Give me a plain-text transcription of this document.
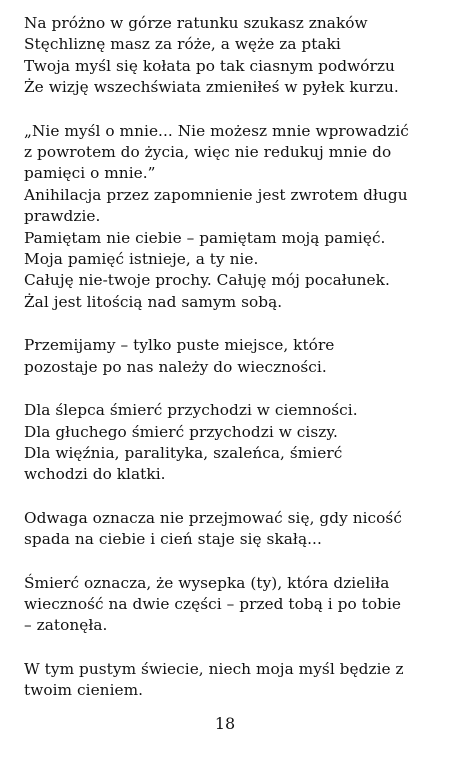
Na próżno w górze ratunku szukasz znaków
Stęchliznę masz za róże, a węże za ptaki
Twoja myśl się kołata po tak ciasnym podwórzu
Że wizję wszechświata zmieniłeś w pyłek kurzu.
„Nie myśl o mnie... Nie możesz mnie wprowadzić
z powrotem do życia, więc nie redukuj mnie do
pamięci o mnie.”
Anihilacja przez zapomnienie jest zwrotem długu
prawdzie.
Pamiętam nie ciebie – pamiętam moją pamięć.
Moja pamięć istnieje, a ty nie.
Całuję nie-twoje prochy. Całuję mój pocałunek.
Żal jest litością nad samym sobą.
Przemijamy – tylko puste miejsce, które
pozostaje po nas należy do wieczności.
Dla ślepca śmierć przychodzi w ciemności.
Dla głuchego śmierć przychodzi w ciszy.
Dla więźnia, paralityka, szaleńca, śmierć
wchodzi do klatki.
Odwaga oznacza nie przejmować się, gdy nicość
spada na ciebie i cień staje się skałą...
Śmierć oznacza, że wysepka (ty), która dzieliła
wieczność na dwie części – przed tobą i po tobie
– zatonęła.
W tym pustym świecie, niech moja myśl będzie z
twoim cieniem.
18
